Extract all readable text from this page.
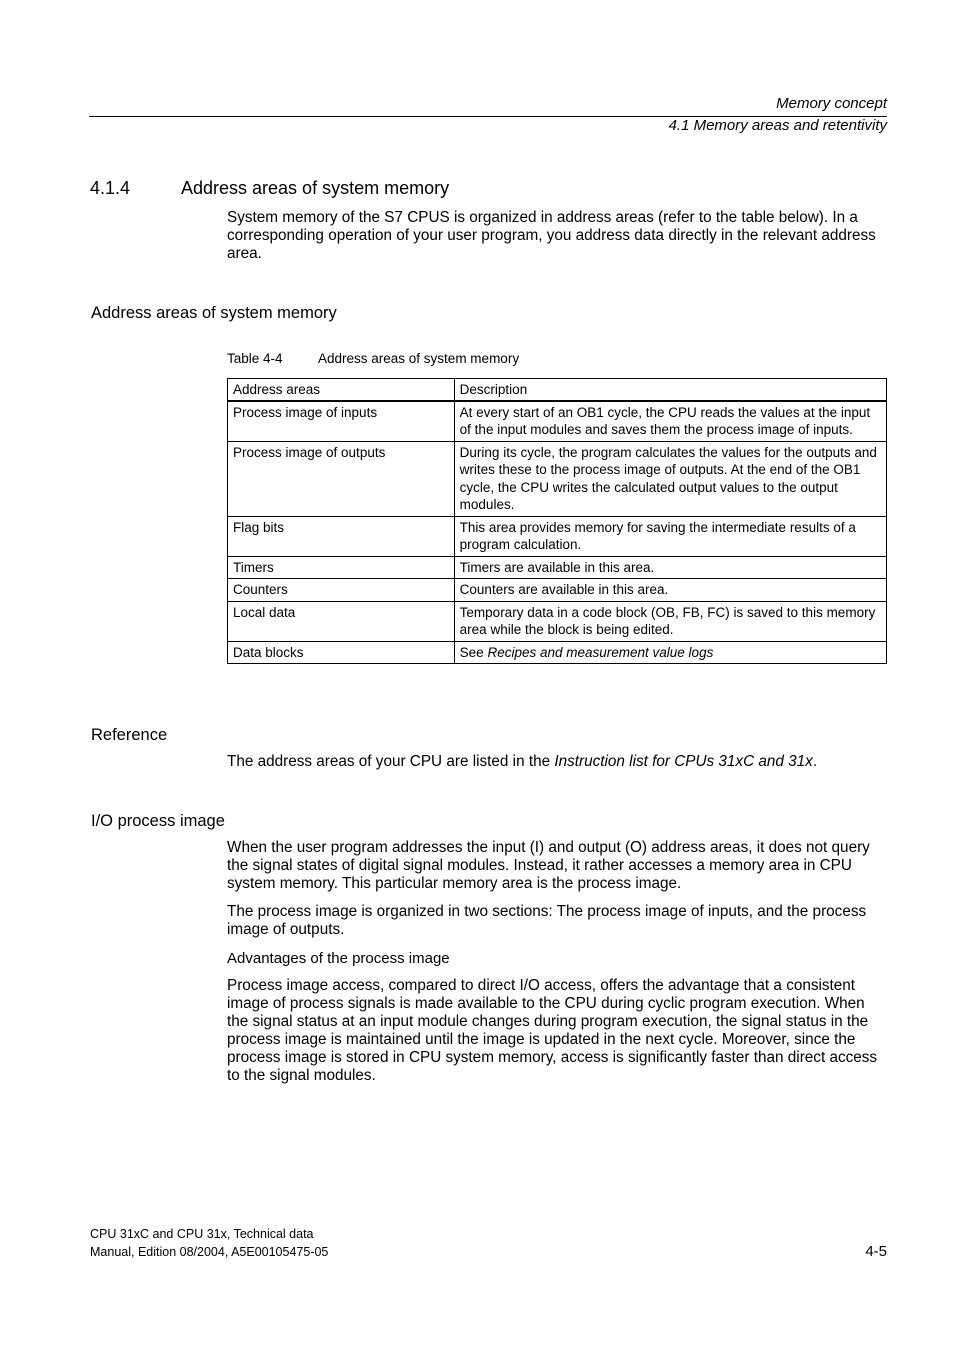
Memory concept
4.1 Memory areas and retentivity
4.1.4	Address areas of system memory
System memory of the S7 CPUS is organized in address areas (refer to the table below). In a corresponding operation of your user program, you address data directly in the relevant address area.
Address areas of system memory
Table 4-4	Address areas of system memory
Address areas	Description
Process image of inputs	At every start of an OB1 cycle, the CPU reads the values at the input of the input modules and saves them the process image of inputs.
Process image of outputs	During its cycle, the program calculates the values for the outputs and writes these to the process image of outputs. At the end of the OB1 cycle, the CPU writes the calculated output values to the output modules.
Flag bits	This area provides memory for saving the intermediate results of a program calculation.
Timers	Timers are available in this area.
Counters	Counters are available in this area.
Local data	Temporary data in a code block (OB, FB, FC) is saved to this memory area while the block is being edited.
Data blocks	See Recipes and measurement value logs
Reference
The address areas of your CPU are listed in the Instruction list for CPUs 31xC and 31x.
I/O process image
When the user program addresses the input (I) and output (O) address areas, it does not query the signal states of digital signal modules. Instead, it rather accesses a memory area in CPU system memory. This particular memory area is the process image.
The process image is organized in two sections: The process image of inputs, and the process image of outputs.
Advantages of the process image
Process image access, compared to direct I/O access, offers the advantage that a consistent image of process signals is made available to the CPU during cyclic program execution. When the signal status at an input module changes during program execution, the signal status in the process image is maintained until the image is updated in the next cycle. Moreover, since the process image is stored in CPU system memory, access is significantly faster than direct access to the signal modules.
CPU 31xC and CPU 31x, Technical data
Manual, Edition 08/2004, A5E00105475-05	4-5
